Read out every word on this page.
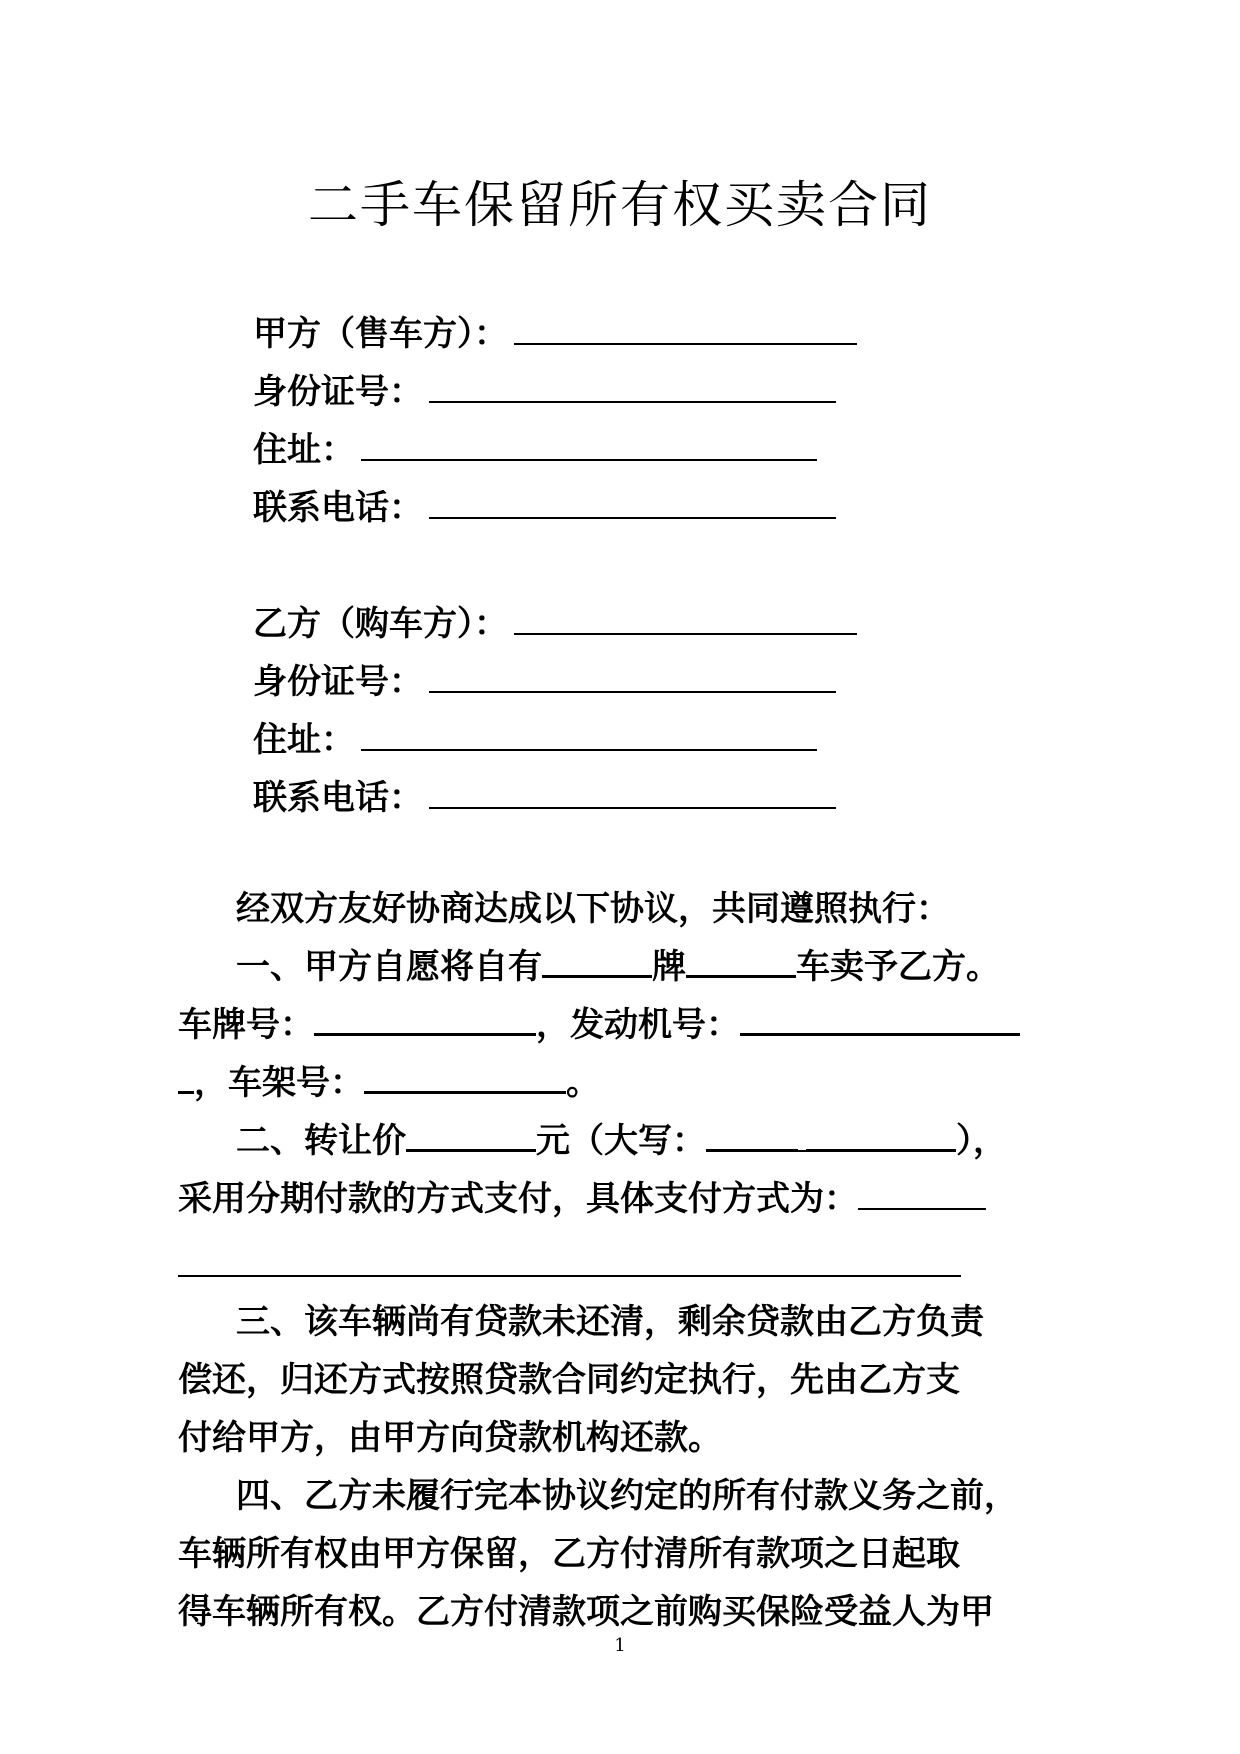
二手车保留所有权买卖合同
甲方（售车方）：
身份证号：
住址：
联系电话：
乙方（购车方）：
身份证号：
住址：
联系电话：
经双方友好协商达成以下协议，共同遵照执行：
一、甲方自愿将自有	牌	车卖予乙方。
车牌号：	，发动机号：
，车架号：	。
二、转让价	元（大写：	），
采用分期付款的方式支付，具体支付方式为：
三、该车辆尚有贷款未还清，剩余贷款由乙方负责
偿还，归还方式按照贷款合同约定执行，先由乙方支
付给甲方，由甲方向贷款机构还款。
四、乙方未履行完本协议约定的所有付款义务之前，
车辆所有权由甲方保留，乙方付清所有款项之日起取
得车辆所有权。乙方付清款项之前购买保险受益人为甲
1
